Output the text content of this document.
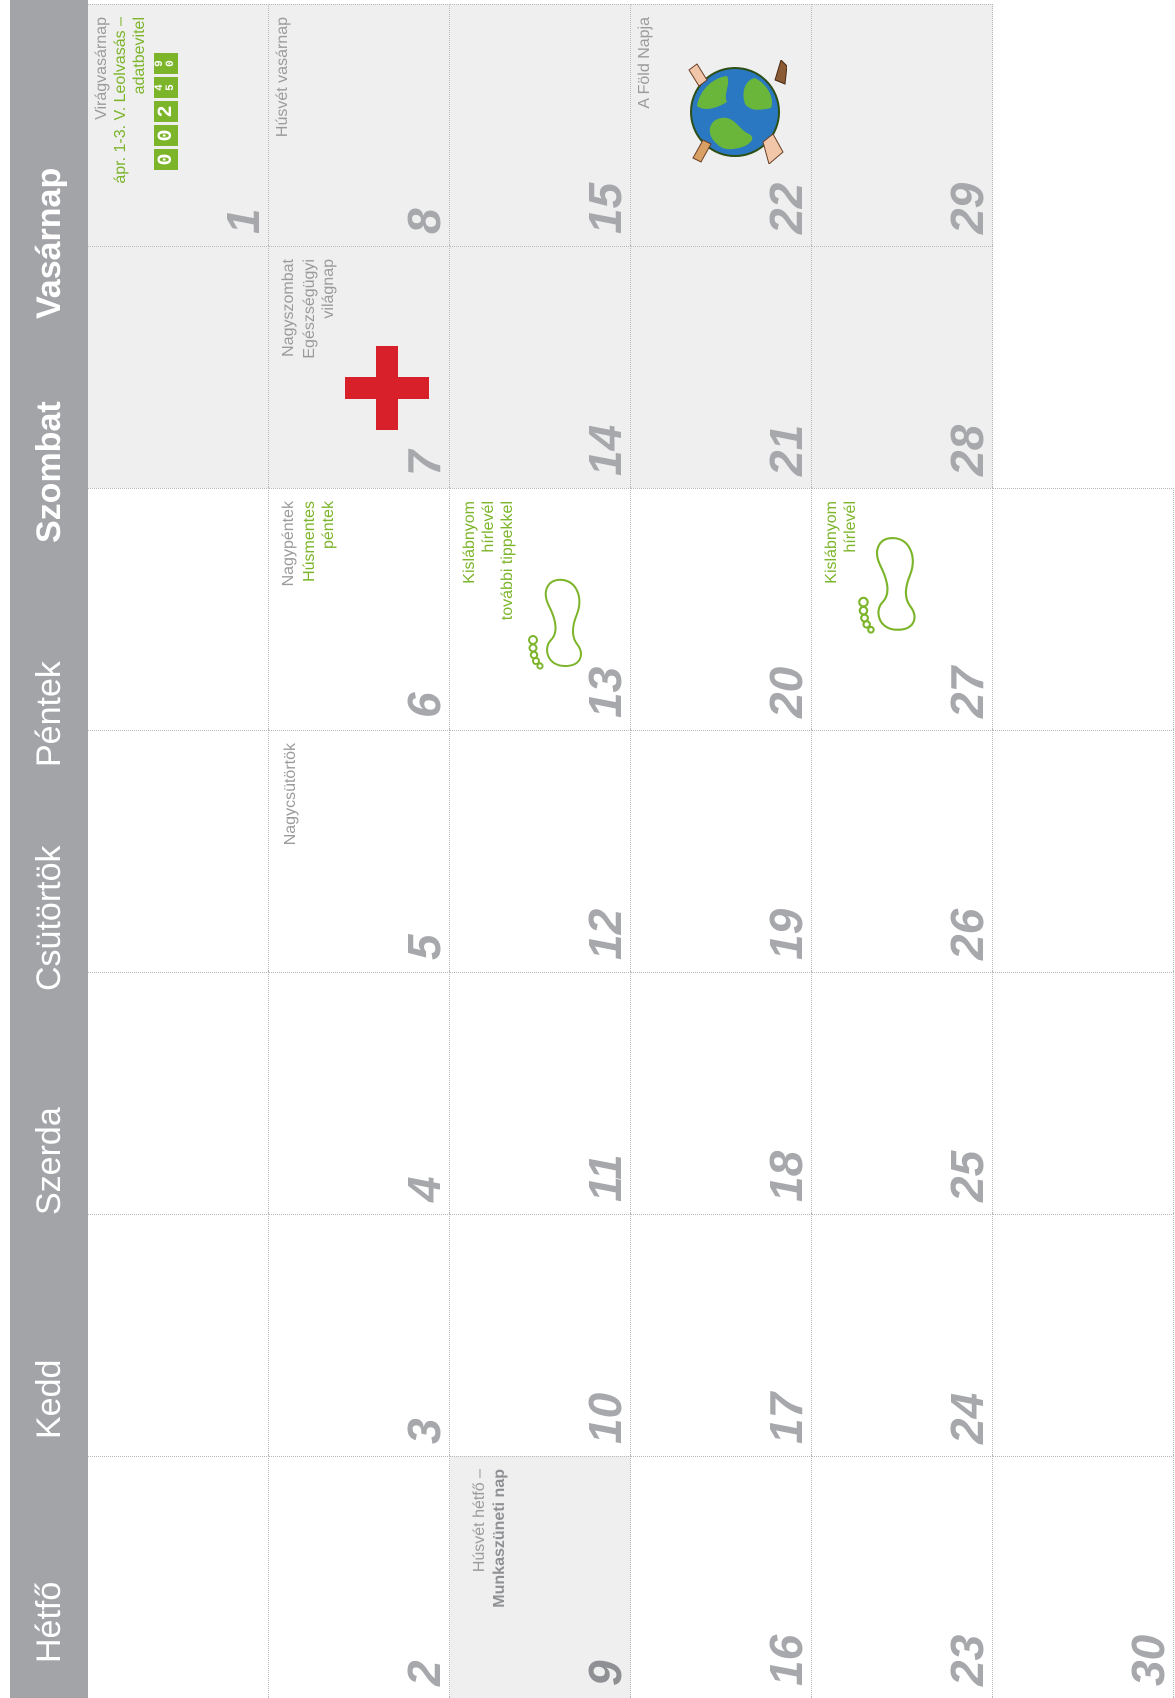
Hétfő
Kedd
Szerda
Csütörtök
Péntek
Szombat
Vasárnap	1
Virágvasárnap ápr. 1-3. V. Leolvasás – adatbevitel
0
0
2
4 5
9 0
2
3
4
5
Nagycsütörtök
6
Nagypéntek Húsmentes péntek
7
Nagyszombat Egészségügyi világnap
8
Húsvét vasárnap
9
Húsvét hétfő – Munkaszüneti nap
10
11
12
13
Kislábnyom hírlevél további tippekkel
14
15
16
17
18
19
20
21
22
A Föld Napja
23
24
25
26
27
Kislábnyom hírlevél
28
29
30
